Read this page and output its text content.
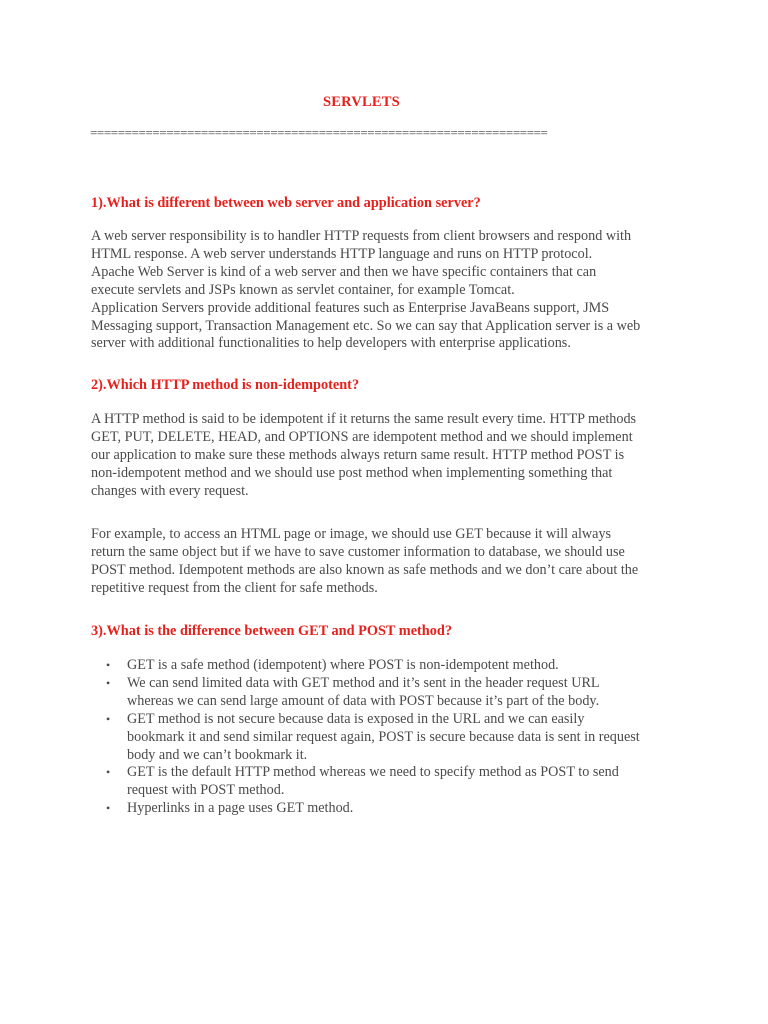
SERVLETS
==================================================================
1).What is different between web server and application server?
A web server responsibility is to handler HTTP requests from client browsers and respond with
HTML response. A web server understands HTTP language and runs on HTTP protocol.
Apache Web Server is kind of a web server and then we have specific containers that can
execute servlets and JSPs known as servlet container, for example Tomcat.
Application Servers provide additional features such as Enterprise JavaBeans support, JMS
Messaging support, Transaction Management etc. So we can say that Application server is a web
server with additional functionalities to help developers with enterprise applications.
2).Which HTTP method is non-idempotent?
A HTTP method is said to be idempotent if it returns the same result every time. HTTP methods
GET, PUT, DELETE, HEAD, and OPTIONS are idempotent method and we should implement
our application to make sure these methods always return same result. HTTP method POST is
non-idempotent method and we should use post method when implementing something that
changes with every request.
For example, to access an HTML page or image, we should use GET because it will always
return the same object but if we have to save customer information to database, we should use
POST method. Idempotent methods are also known as safe methods and we don’t care about the
repetitive request from the client for safe methods.
3).What is the difference between GET and POST method?
• GET is a safe method (idempotent) where POST is non-idempotent method.
• We can send limited data with GET method and it’s sent in the header request URL
whereas we can send large amount of data with POST because it’s part of the body.
• GET method is not secure because data is exposed in the URL and we can easily
bookmark it and send similar request again, POST is secure because data is sent in request
body and we can’t bookmark it.
• GET is the default HTTP method whereas we need to specify method as POST to send
request with POST method.
• Hyperlinks in a page uses GET method.
